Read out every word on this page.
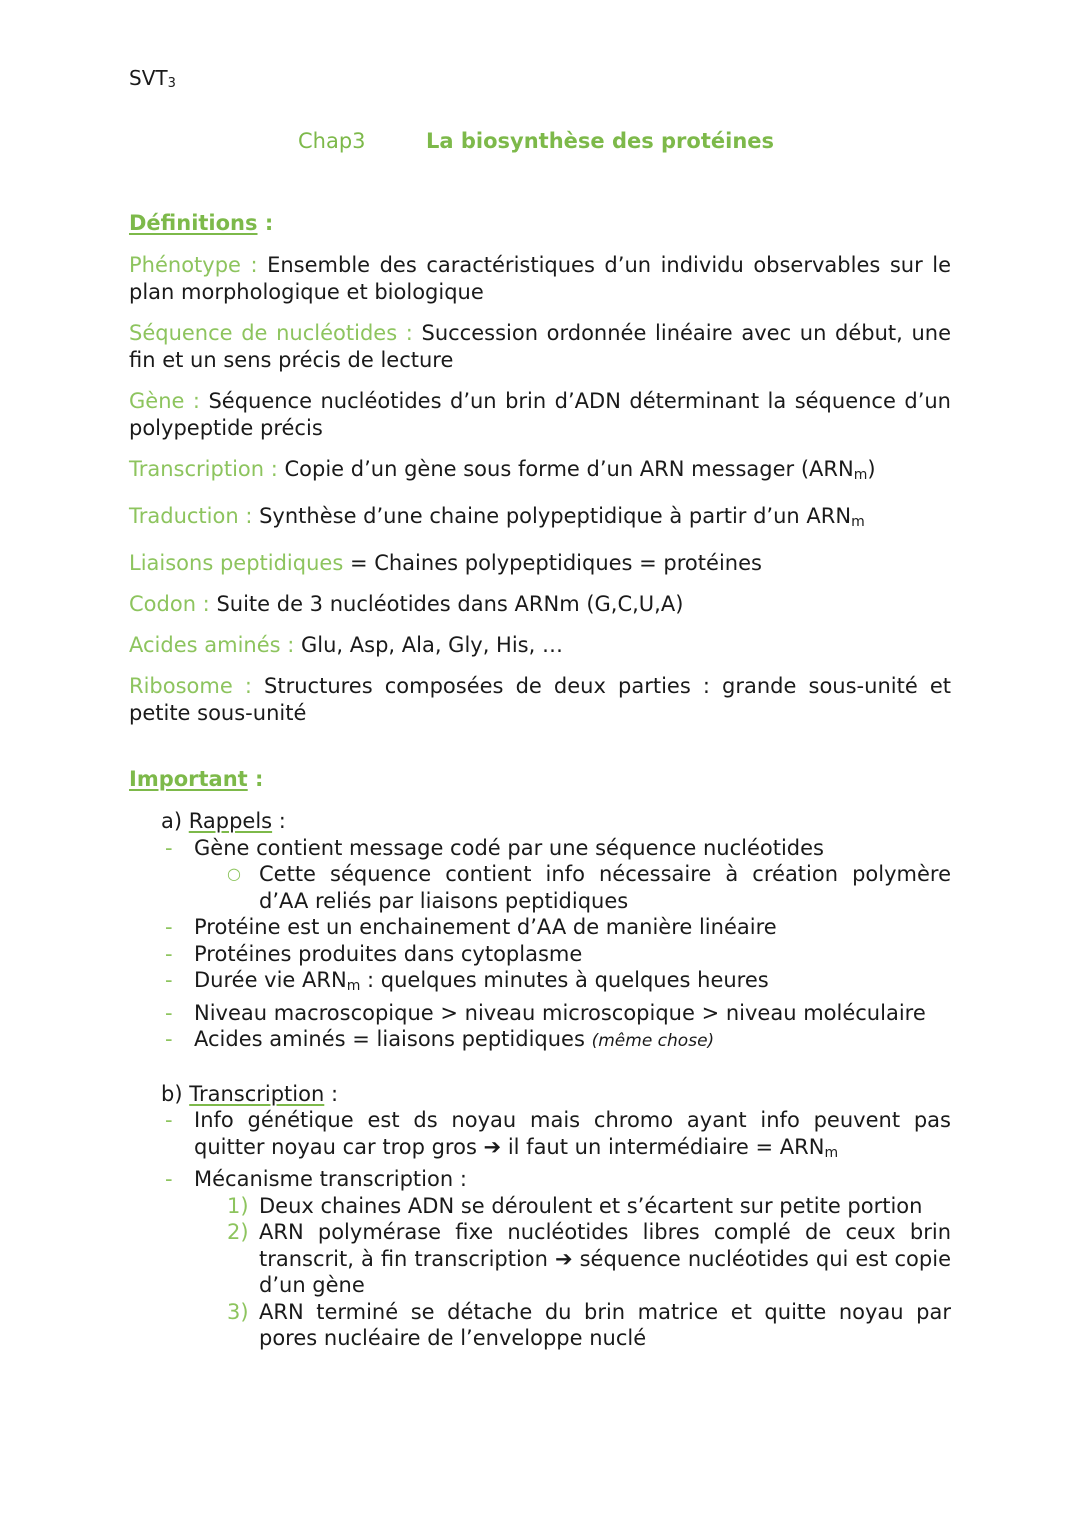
$SVT_3$
Chap3	La biosynthèse des protéines
Définitions :

Phénotype : Ensemble des caractéristiques d’un individu observables sur le plan morphologique et biologique

Séquence de nucléotides : Succession ordonnée linéaire avec un début, une fin et un sens précis de lecture

Gène : Séquence nucléotides d’un brin d’ADN déterminant la séquence d’un polypeptide précis

Transcription : Copie d’un gène sous forme d’un ARN messager (ARNm)

Traduction : Synthèse d’une chaine polypeptidique à partir d’un ARNm

Liaisons peptidiques = Chaines polypeptidiques = protéines

Codon : Suite de 3 nucléotides dans ARNm (G,C,U,A)

Acides aminés : Glu, Asp, Ala, Gly, His, …

Ribosome : Structures composées de deux parties : grande sous-unité et petite sous-unité

Important :
a) Rappels :
- Gène contient message codé par une séquence nucléotides
○ Cette séquence contient info nécessaire à création polymère d’AA reliés par liaisons peptidiques
- Protéine est un enchainement d’AA de manière linéaire
- Protéines produites dans cytoplasme
- Durée vie ARNm : quelques minutes à quelques heures
- Niveau macroscopique > niveau microscopique > niveau moléculaire
- Acides aminés = liaisons peptidiques (même chose)
b) Transcription :
- Info génétique est ds noyau mais chromo ayant info peuvent pas quitter noyau car trop gros ➔ il faut un intermédiaire = ARNm
- Mécanisme transcription :
1) Deux chaines ADN se déroulent et s’écartent sur petite portion
2) ARN polymérase fixe nucléotides libres complé de ceux brin transcrit, à fin transcription ➔ séquence nucléotides qui est copie d’un gène
3) ARN terminé se détache du brin matrice et quitte noyau par pores nucléaire de l’enveloppe nuclé
